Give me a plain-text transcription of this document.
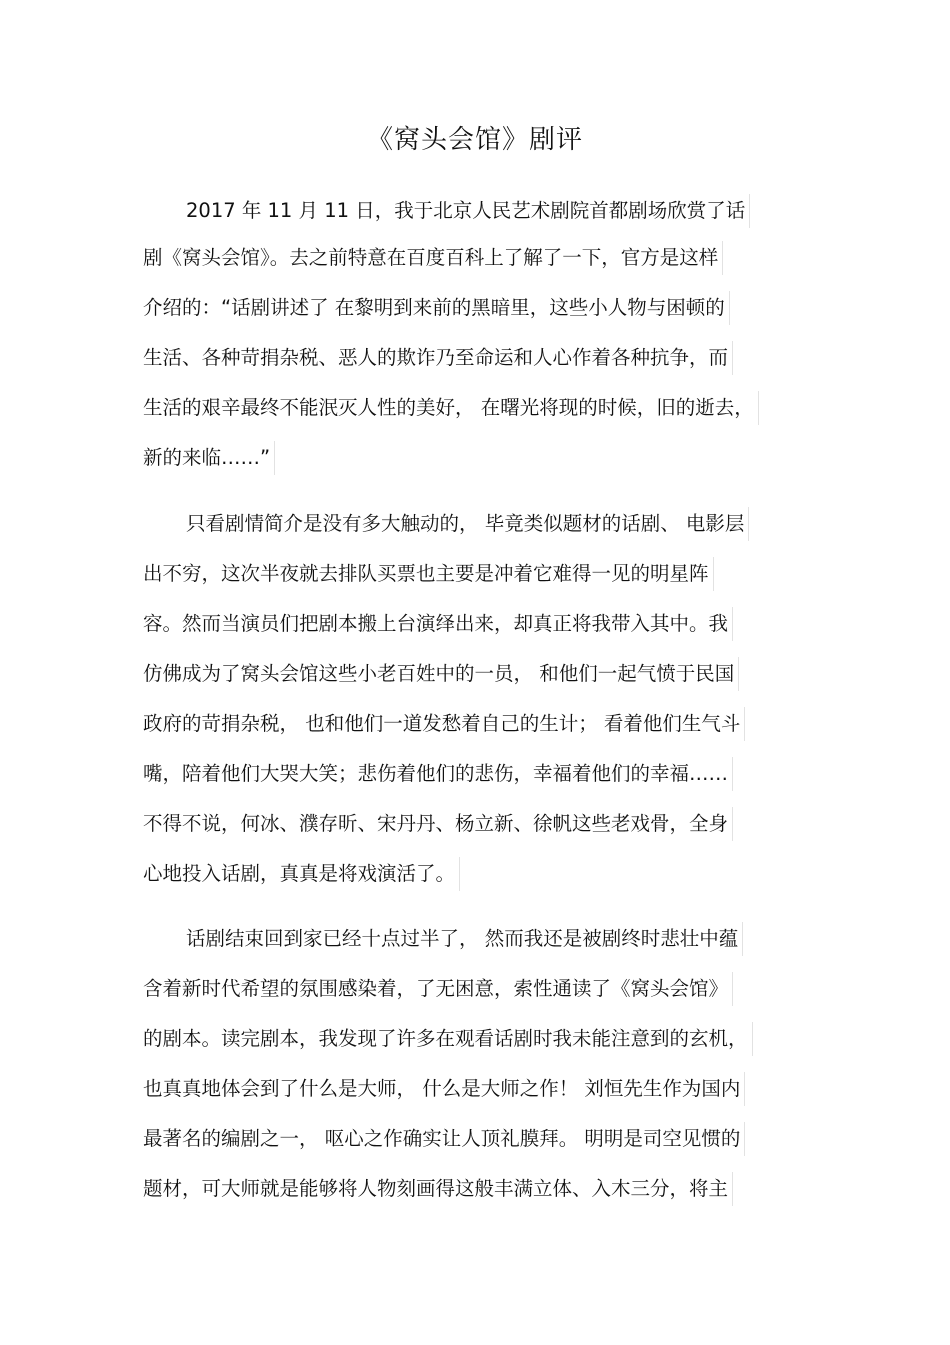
《窝头会馆》剧评
2017 年 11 月 11 日，我于北京人民艺术剧院首都剧场欣赏了话
剧《窝头会馆》。去之前特意在百度百科上了解了一下，官方是这样
介绍的：“话剧讲述了 在黎明到来前的黑暗里，这些小人物与困顿的
生活、各种苛捐杂税、恶人的欺诈乃至命运和人心作着各种抗争，而
生活的艰辛最终不能泯灭人性的美好， 在曙光将现的时候，旧的逝去，
新的来临……”
只看剧情简介是没有多大触动的， 毕竟类似题材的话剧、 电影层
出不穷，这次半夜就去排队买票也主要是冲着它难得一见的明星阵
容。然而当演员们把剧本搬上台演绎出来，却真正将我带入其中。我
仿佛成为了窝头会馆这些小老百姓中的一员， 和他们一起气愤于民国
政府的苛捐杂税， 也和他们一道发愁着自己的生计； 看着他们生气斗
嘴，陪着他们大哭大笑；悲伤着他们的悲伤，幸福着他们的幸福……
不得不说，何冰、濮存昕、宋丹丹、杨立新、徐帆这些老戏骨，全身
心地投入话剧，真真是将戏演活了。
话剧结束回到家已经十点过半了， 然而我还是被剧终时悲壮中蕴
含着新时代希望的氛围感染着，了无困意，索性通读了《窝头会馆》
的剧本。读完剧本，我发现了许多在观看话剧时我未能注意到的玄机，
也真真地体会到了什么是大师， 什么是大师之作！ 刘恒先生作为国内
最著名的编剧之一， 呕心之作确实让人顶礼膜拜。 明明是司空见惯的
题材，可大师就是能够将人物刻画得这般丰满立体、入木三分，将主
